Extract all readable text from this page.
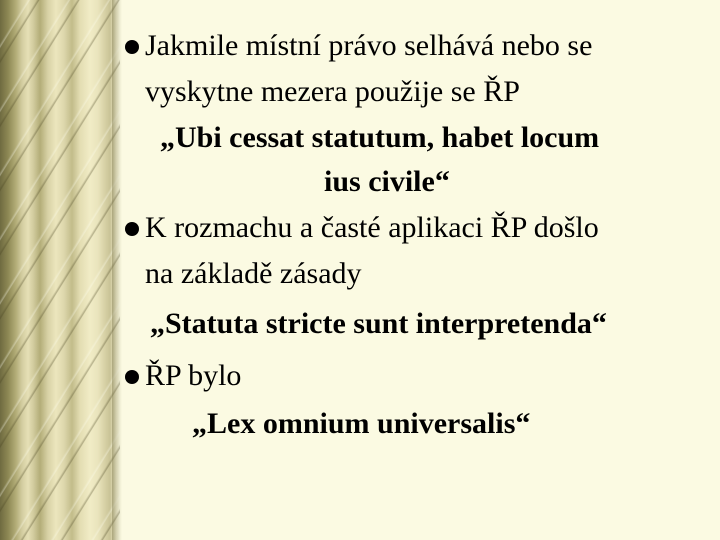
Jakmile místní právo selhává nebo se
vyskytne mezera použije se ŘP
„Ubi cessat statutum, habet locum
ius civile“
K rozmachu a časté aplikaci ŘP došlo
na základě zásady
„Statuta stricte sunt interpretenda“
ŘP bylo
„Lex omnium universalis“
